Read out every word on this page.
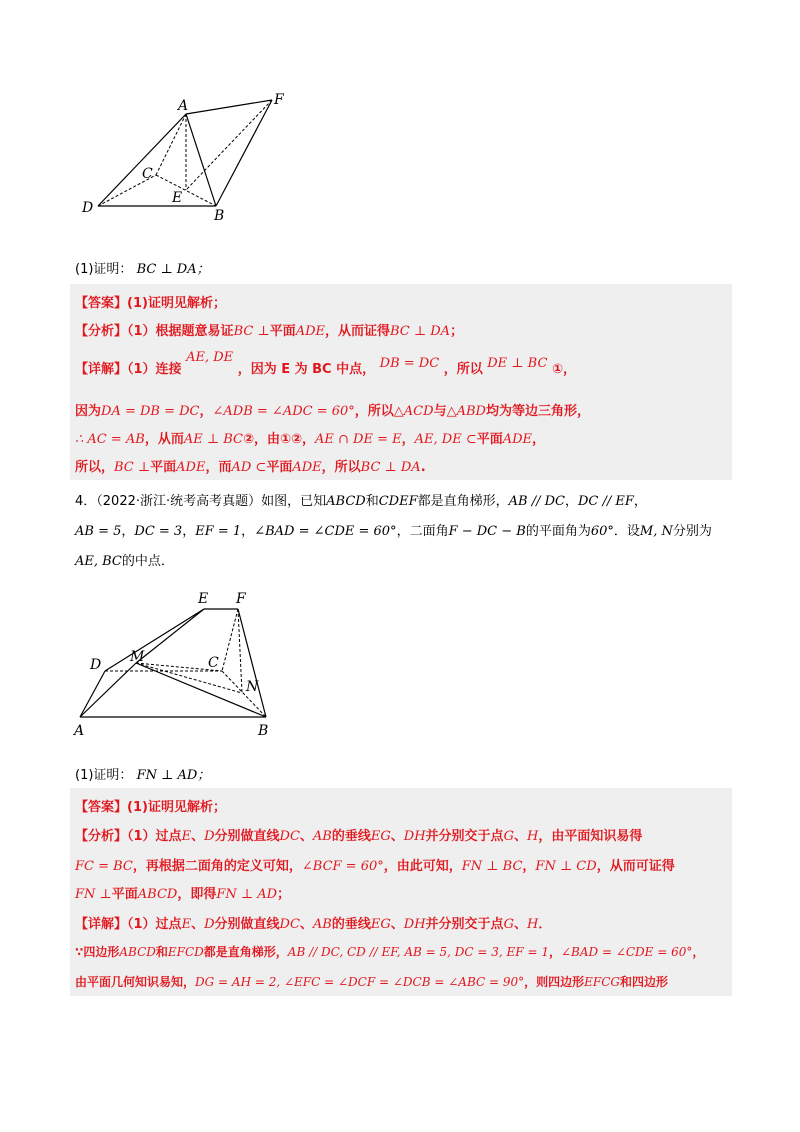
A	F
C
E
D	B
(1)证明： BC ⊥ DA；
【答案】(1)证明见解析；
【分析】（1）根据题意易证BC ⊥平面ADE，从而证得BC ⊥ DA；
【详解】（1）连接 AE, DE ，因为 E 为 BC 中点， DB = DC ，所以 DE ⊥ BC ①，
因为DA = DB = DC，∠ADB = ∠ADC = 60°，所以△ACD与△ABD均为等边三角形，
∴ AC = AB，从而AE ⊥ BC②，由①②，AE ∩ DE = E，AE, DE ⊂平面ADE，
所以，BC ⊥平面ADE，而AD ⊂平面ADE，所以BC ⊥ DA.
4．（2022·浙江·统考高考真题）如图，已知ABCD和CDEF都是直角梯形，AB // DC，DC // EF，
AB = 5，DC = 3，EF = 1，∠BAD = ∠CDE = 60°，二面角F − DC − B的平面角为60°．设M, N分别为
AE, BC的中点．
E F
D M	C
N
A	B
(1)证明： FN ⊥ AD；
【答案】(1)证明见解析；
【分析】（1）过点E、D分别做直线DC、AB的垂线EG、DH并分别交于点G、H，由平面知识易得
FC = BC，再根据二面角的定义可知，∠BCF = 60°，由此可知，FN ⊥ BC，FN ⊥ CD，从而可证得
FN ⊥平面ABCD，即得FN ⊥ AD；
【详解】（1）过点E、D分别做直线DC、AB的垂线EG、DH并分别交于点G、H．
∵四边形ABCD和EFCD都是直角梯形，AB // DC, CD // EF, AB = 5, DC = 3, EF = 1，∠BAD = ∠CDE = 60°，
由平面几何知识易知，DG = AH = 2, ∠EFC = ∠DCF = ∠DCB = ∠ABC = 90°，则四边形EFCG和四边形
